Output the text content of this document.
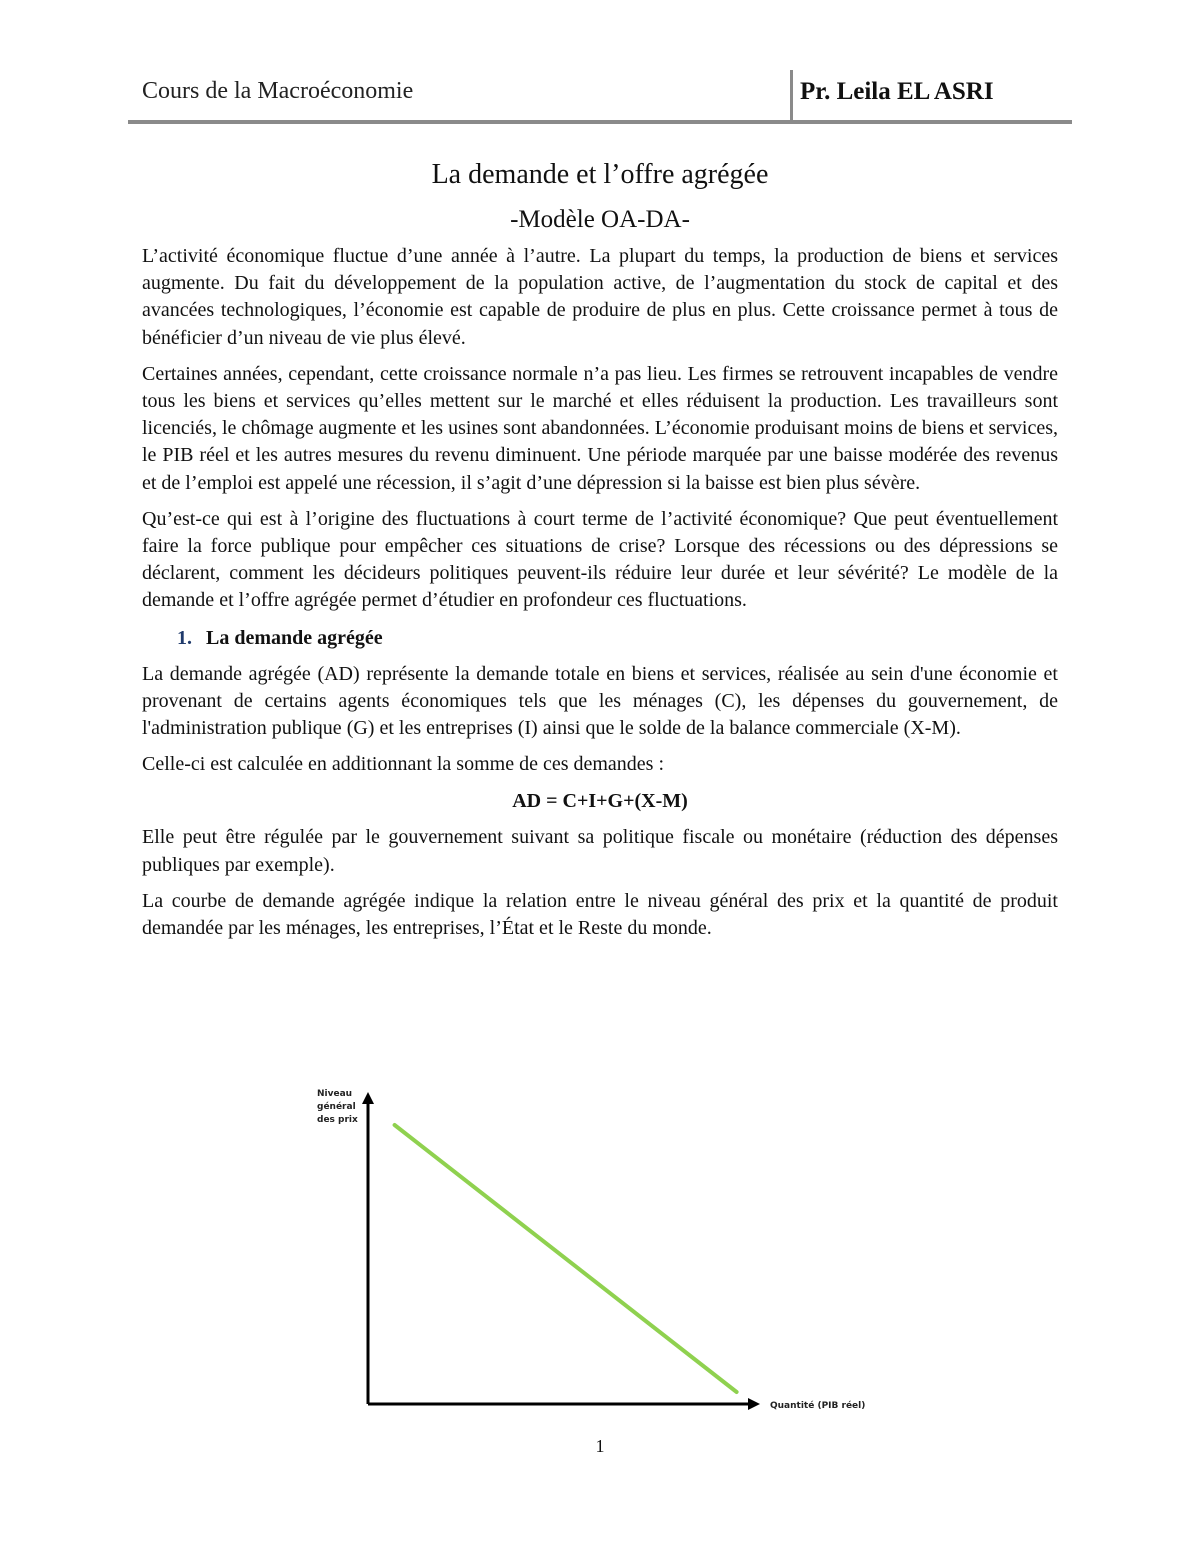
Cours de la Macroéconomie	Pr. Leila EL ASRI
La demande et l’offre agrégée
-Modèle OA-DA-

L’activité économique fluctue d’une année à l’autre. La plupart du temps, la production de biens et services augmente. Du fait du développement de la population active, de l’augmentation du stock de capital et des avancées technologiques, l’économie est capable de produire de plus en plus. Cette croissance permet à tous de bénéficier d’un niveau de vie plus élevé.

Certaines années, cependant, cette croissance normale n’a pas lieu. Les firmes se retrouvent incapables de vendre tous les biens et services qu’elles mettent sur le marché et elles réduisent la production. Les travailleurs sont licenciés, le chômage augmente et les usines sont abandonnées. L’économie produisant moins de biens et services, le PIB réel et les autres mesures du revenu diminuent. Une période marquée par une baisse modérée des revenus et de l’emploi est appelé une récession, il s’agit d’une dépression si la baisse est bien plus sévère.

Qu’est-ce qui est à l’origine des fluctuations à court terme de l’activité économique? Que peut éventuellement faire la force publique pour empêcher ces situations de crise? Lorsque des récessions ou des dépressions se déclarent, comment les décideurs politiques peuvent-ils réduire leur durée et leur sévérité? Le modèle de la demande et l’offre agrégée permet d’étudier en profondeur ces fluctuations.

1. La demande agrégée

La demande agrégée (AD) représente la demande totale en biens et services, réalisée au sein d'une économie et provenant de certains agents économiques tels que les ménages (C), les dépenses du gouvernement, de l'administration publique (G) et les entreprises (I) ainsi que le solde de la balance commerciale (X-M).

Celle-ci est calculée en additionnant la somme de ces demandes :

AD = C+I+G+(X-M)

Elle peut être régulée par le gouvernement suivant sa politique fiscale ou monétaire (réduction des dépenses publiques par exemple).

La courbe de demande agrégée indique la relation entre le niveau général des prix et la quantité de produit demandée par les ménages, les entreprises, l’État et le Reste du monde.

Niveau
général
des prix
Quantité (PIB réel)
1
